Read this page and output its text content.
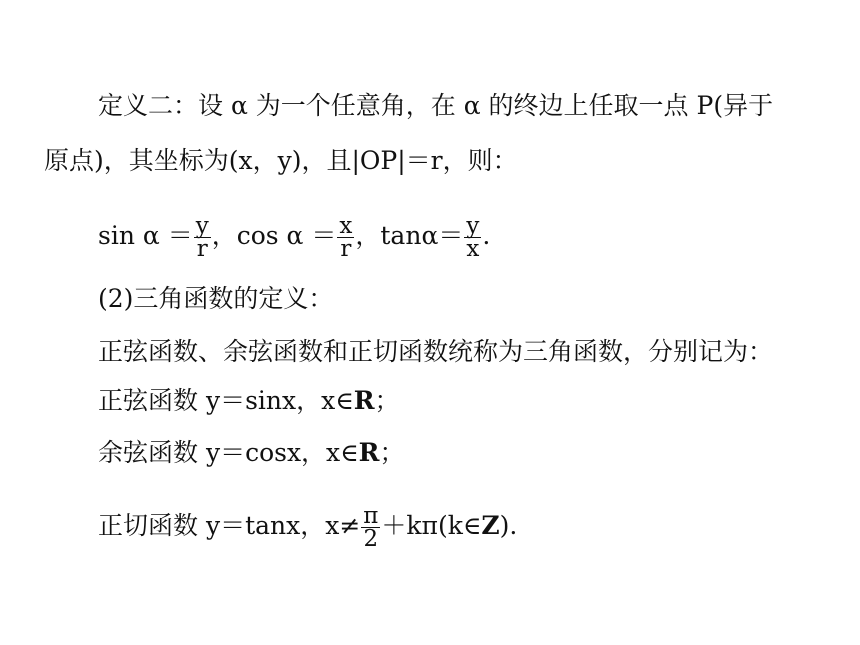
定义二：设 α 为一个任意角，在 α 的终边上任取一点 P(异于
原点)，其坐标为(x，y)，且|OP|＝r，则：
$\sin \alpha = \frac{y}{r}$ ，$\cos \alpha = \frac{x}{r}$ ，$\tan\alpha= \frac{y}{x}$ .
(2)三角函数的定义：
正弦函数、余弦函数和正切函数统称为三角函数，分别记为：
正弦函数 y＝sinx，x∈R；
余弦函数 y＝cosx，x∈R；
正切函数 y＝tanx，$x\ne \frac{\pi}{2}$ ＋kπ(k∈Z).
